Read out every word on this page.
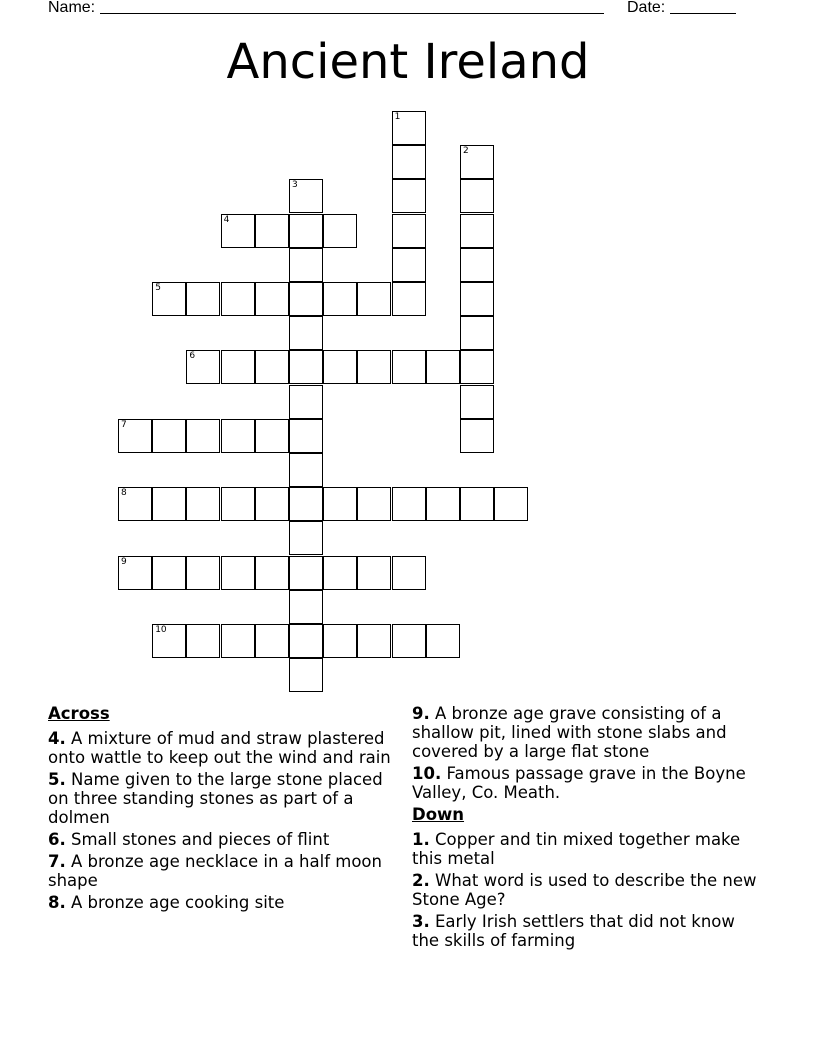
Name:	Date:
Ancient Ireland
1
2
3
4
5
6
7
8
9
10
Across
4. A mixture of mud and straw plastered onto wattle to keep out the wind and rain
5. Name given to the large stone placed on three standing stones as part of a dolmen
6. Small stones and pieces of flint
7. A bronze age necklace in a half moon shape
8. A bronze age cooking site
9. A bronze age grave consisting of a shallow pit, lined with stone slabs and covered by a large flat stone
10. Famous passage grave in the Boyne Valley, Co. Meath.
Down
1. Copper and tin mixed together make this metal
2. What word is used to describe the new Stone Age?
3. Early Irish settlers that did not know the skills of farming
